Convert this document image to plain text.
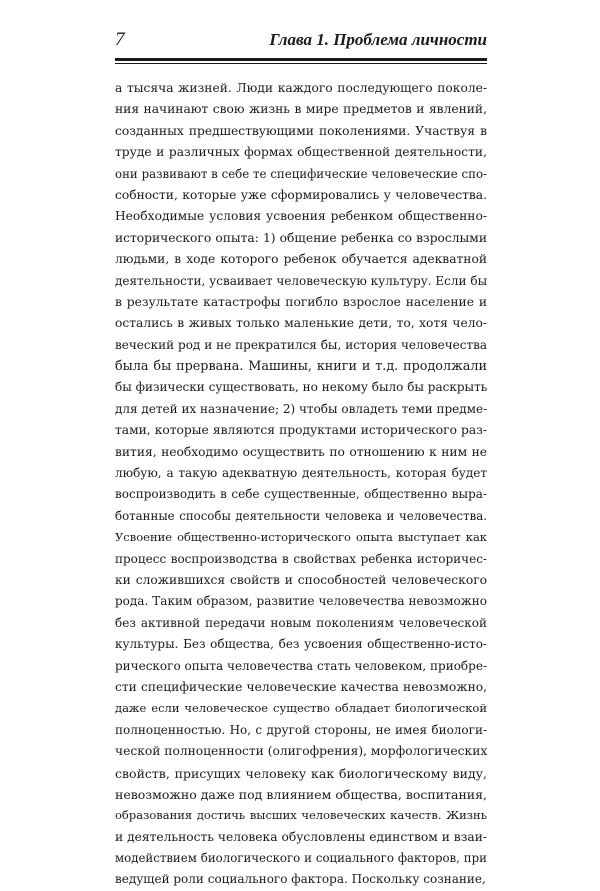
7	Глава 1. Проблема личности
а тысяча жизней. Люди каждого последующего поколе-
ния начинают свою жизнь в мире предметов и явлений,
созданных предшествующими поколениями. Участвуя в
труде и различных формах общественной деятельности,
они развивают в себе те специфические человеческие спо-
собности, которые уже сформировались у человечества.
Необходимые условия усвоения ребенком общественно-
исторического опыта: 1) общение ребенка со взрослыми
людьми, в ходе которого ребенок обучается адекватной
деятельности, усваивает человеческую культуру. Если бы
в результате катастрофы погибло взрослое население и
остались в живых только маленькие дети, то, хотя чело-
веческий род и не прекратился бы, история человечества
была бы прервана. Машины, книги и т.д. продолжали
бы физически существовать, но некому было бы раскрыть
для детей их назначение; 2) чтобы овладеть теми предме-
тами, которые являются продуктами исторического раз-
вития, необходимо осуществить по отношению к ним не
любую, а такую адекватную деятельность, которая будет
воспроизводить в себе существенные, общественно выра-
ботанные способы деятельности человека и человечества.
Усвоение общественно-исторического опыта выступает как
процесс воспроизводства в свойствах ребенка историчес-
ки сложившихся свойств и способностей человеческого
рода. Таким образом, развитие человечества невозможно
без активной передачи новым поколениям человеческой
культуры. Без общества, без усвоения общественно-исто-
рического опыта человечества стать человеком, приобре-
сти специфические человеческие качества невозможно,
даже если человеческое существо обладает биологической
полноценностью. Но, с другой стороны, не имея биологи-
ческой полноценности (олигофрения), морфологических
свойств, присущих человеку как биологическому виду,
невозможно даже под влиянием общества, воспитания,
образования достичь высших человеческих качеств. Жизнь
и деятельность человека обусловлены единством и взаи-
модействием биологического и социального факторов, при
ведущей роли социального фактора. Поскольку сознание,
